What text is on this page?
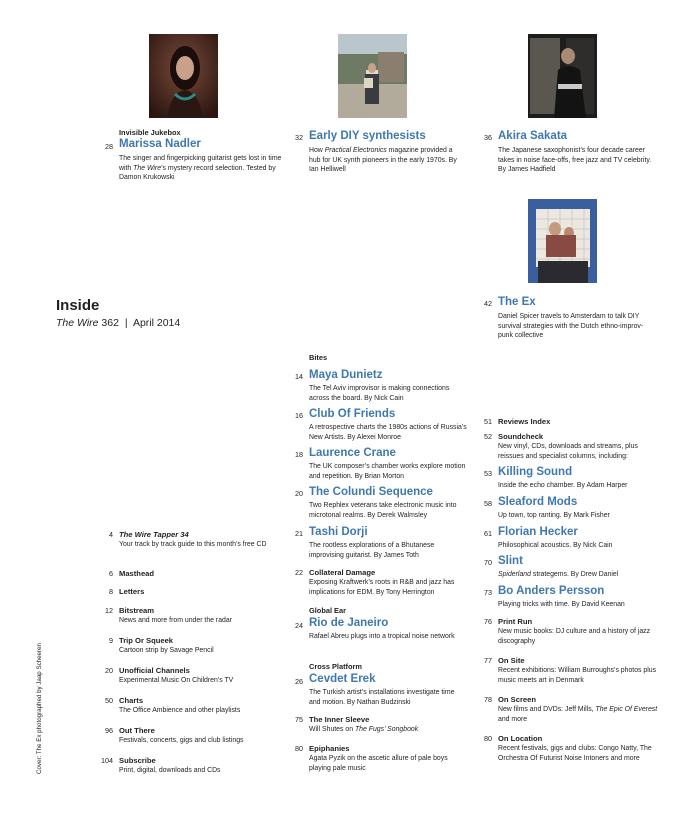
Invisible Jukebox
28 Marissa Nadler
The singer and fingerpicking guitarist gets lost in time with The Wire’s mystery record selection. Tested by Damon Krukowski
32 Early DIY synthesists
How Practical Electronics magazine provided a hub for UK synth pioneers in the early 1970s. By Ian Helliwell
36 Akira Sakata
The Japanese saxophonist’s four decade career takes in noise face-offs, free jazz and TV celebrity. By James Hadfield
42 The Ex
Daniel Spicer travels to Amsterdam to talk DIY survival strategies with the Dutch ethno-improv-punk collective
Inside
The Wire 362 | April 2014
4 The Wire Tapper 34
Your track by track guide to this month’s free CD
6 Masthead
8 Letters
12 Bitstream
News and more from under the radar
9 Trip Or Squeek
Cartoon strip by Savage Pencil
20 Unofficial Channels
Experimental Music On Children’s TV
50 Charts
The Office Ambience and other playlists
96 Out There
Festivals, concerts, gigs and club listings
104 Subscribe
Print, digital, downloads and CDs
Bites
14 Maya Dunietz
The Tel Aviv improvisor is making connections across the board. By Nick Cain
16 Club Of Friends
A retrospective charts the 1980s actions of Russia’s New Artists. By Alexei Monroe
18 Laurence Crane
The UK composer’s chamber works explore motion and repetition. By Brian Morton
20 The Colundi Sequence
Two Rephlex veterans take electronic music into microtonal realms. By Derek Walmsley
21 Tashi Dorji
The rootless explorations of a Bhutanese improvising guitarist. By James Toth
22 Collateral Damage
Exposing Kraftwerk’s roots in R&B and jazz has implications for EDM. By Tony Herrington
Global Ear
24 Rio de Janeiro
Rafael Abreu plugs into a tropical noise network
Cross Platform
26 Cevdet Erek
The Turkish artist’s installations investigate time and motion. By Nathan Budzinski
75 The Inner Sleeve
Will Shutes on The Fugs’ Songbook
80 Epiphanies
Agata Pyzik on the ascetic allure of pale boys playing pale music
51 Reviews Index
52 Soundcheck
New vinyl, CDs, downloads and streams, plus reissues and specialist columns, including:
53 Killing Sound
Inside the echo chamber. By Adam Harper
58 Sleaford Mods
Up town, top ranting. By Mark Fisher
61 Florian Hecker
Philosophical acoustics. By Nick Cain
70 Slint
Spiderland strategems. By Drew Daniel
73 Bo Anders Persson
Playing tricks with time. By David Keenan
76 Print Run
New music books: DJ culture and a history of jazz discography
77 On Site
Recent exhibitions: William Burroughs’s photos plus music meets art in Denmark
78 On Screen
New films and DVDs: Jeff Mills, The Epic Of Everest and more
80 On Location
Recent festivals, gigs and clubs: Congo Natty, The Orchestra Of Futurist Noise Intoners and more
Cover: The Ex photographed by Jaap Scheeren
